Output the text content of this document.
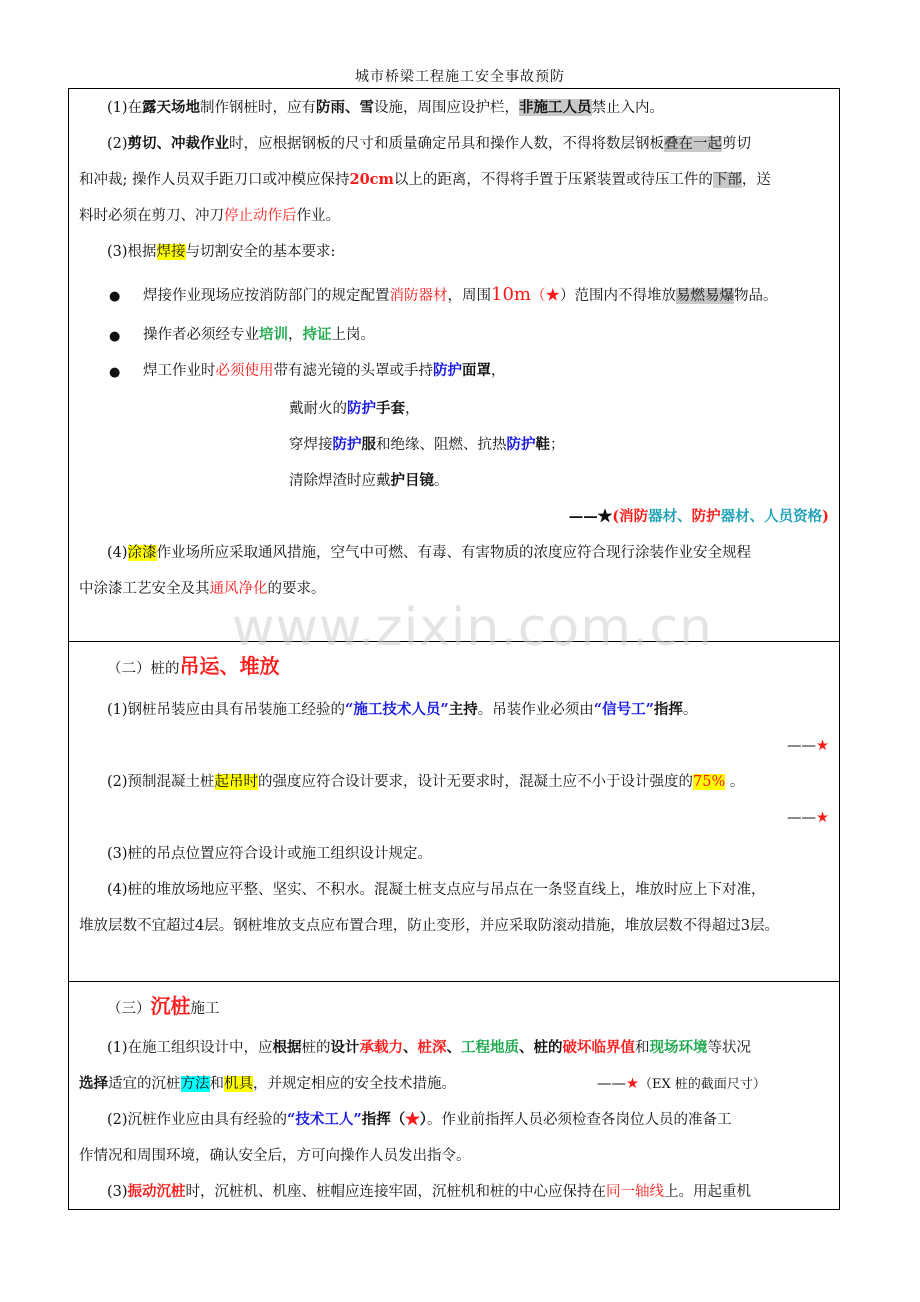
城市桥梁工程施工安全事故预防
(1)在露天场地制作钢桩时，应有防雨、雪设施，周围应设护栏，非施工人员禁止入内。
(2)剪切、冲裁作业时，应根据钢板的尺寸和质量确定吊具和操作人数，不得将数层钢板叠在一起剪切
和冲裁; 操作人员双手距刀口或冲模应保持20cm以上的距离，不得将手置于压紧装置或待压工件的下部，送
料时必须在剪刀、冲刀停止动作后作业。
(3)根据焊接与切割安全的基本要求:
● 焊接作业现场应按消防部门的规定配置消防器材，周围10m（★）范围内不得堆放易燃易爆物品。
● 操作者必须经专业培训，持证上岗。
● 焊工作业时必须使用带有滤光镜的头罩或手持防护面罩，
戴耐火的防护手套，
穿焊接防护服和绝缘、阻燃、抗热防护鞋；
清除焊渣时应戴护目镜。
——★(消防器材、防护器材、人员资格)
(4)涂漆作业场所应采取通风措施，空气中可燃、有毒、有害物质的浓度应符合现行涂装作业安全规程
中涂漆工艺安全及其通风净化的要求。
（二）桩的吊运、堆放
(1)钢桩吊装应由具有吊装施工经验的“施工技术人员”主持。吊装作业必须由“信号工”指挥。
——★
(2)预制混凝土桩起吊时的强度应符合设计要求，设计无要求时，混凝土应不小于设计强度的75% 。
——★
(3)桩的吊点位置应符合设计或施工组织设计规定。
(4)桩的堆放场地应平整、坚实、不积水。混凝土桩支点应与吊点在一条竖直线上，堆放时应上下对准，
堆放层数不宜超过4层。钢桩堆放支点应布置合理，防止变形，并应采取防滚动措施，堆放层数不得超过3层。
（三）沉桩施工
(1)在施工组织设计中，应根据桩的设计承载力、桩深、工程地质、桩的破坏临界值和现场环境等状况
选择适宜的沉桩方法和机具，并规定相应的安全技术措施。	——★（EX 桩的截面尺寸）
(2)沉桩作业应由具有经验的“技术工人”指挥（★）。作业前指挥人员必须检查各岗位人员的准备工
作情况和周围环境，确认安全后，方可向操作人员发出指令。
(3)振动沉桩时，沉桩机、机座、桩帽应连接牢固，沉桩机和桩的中心应保持在同一轴线上。用起重机
www.zixin.com.cn
